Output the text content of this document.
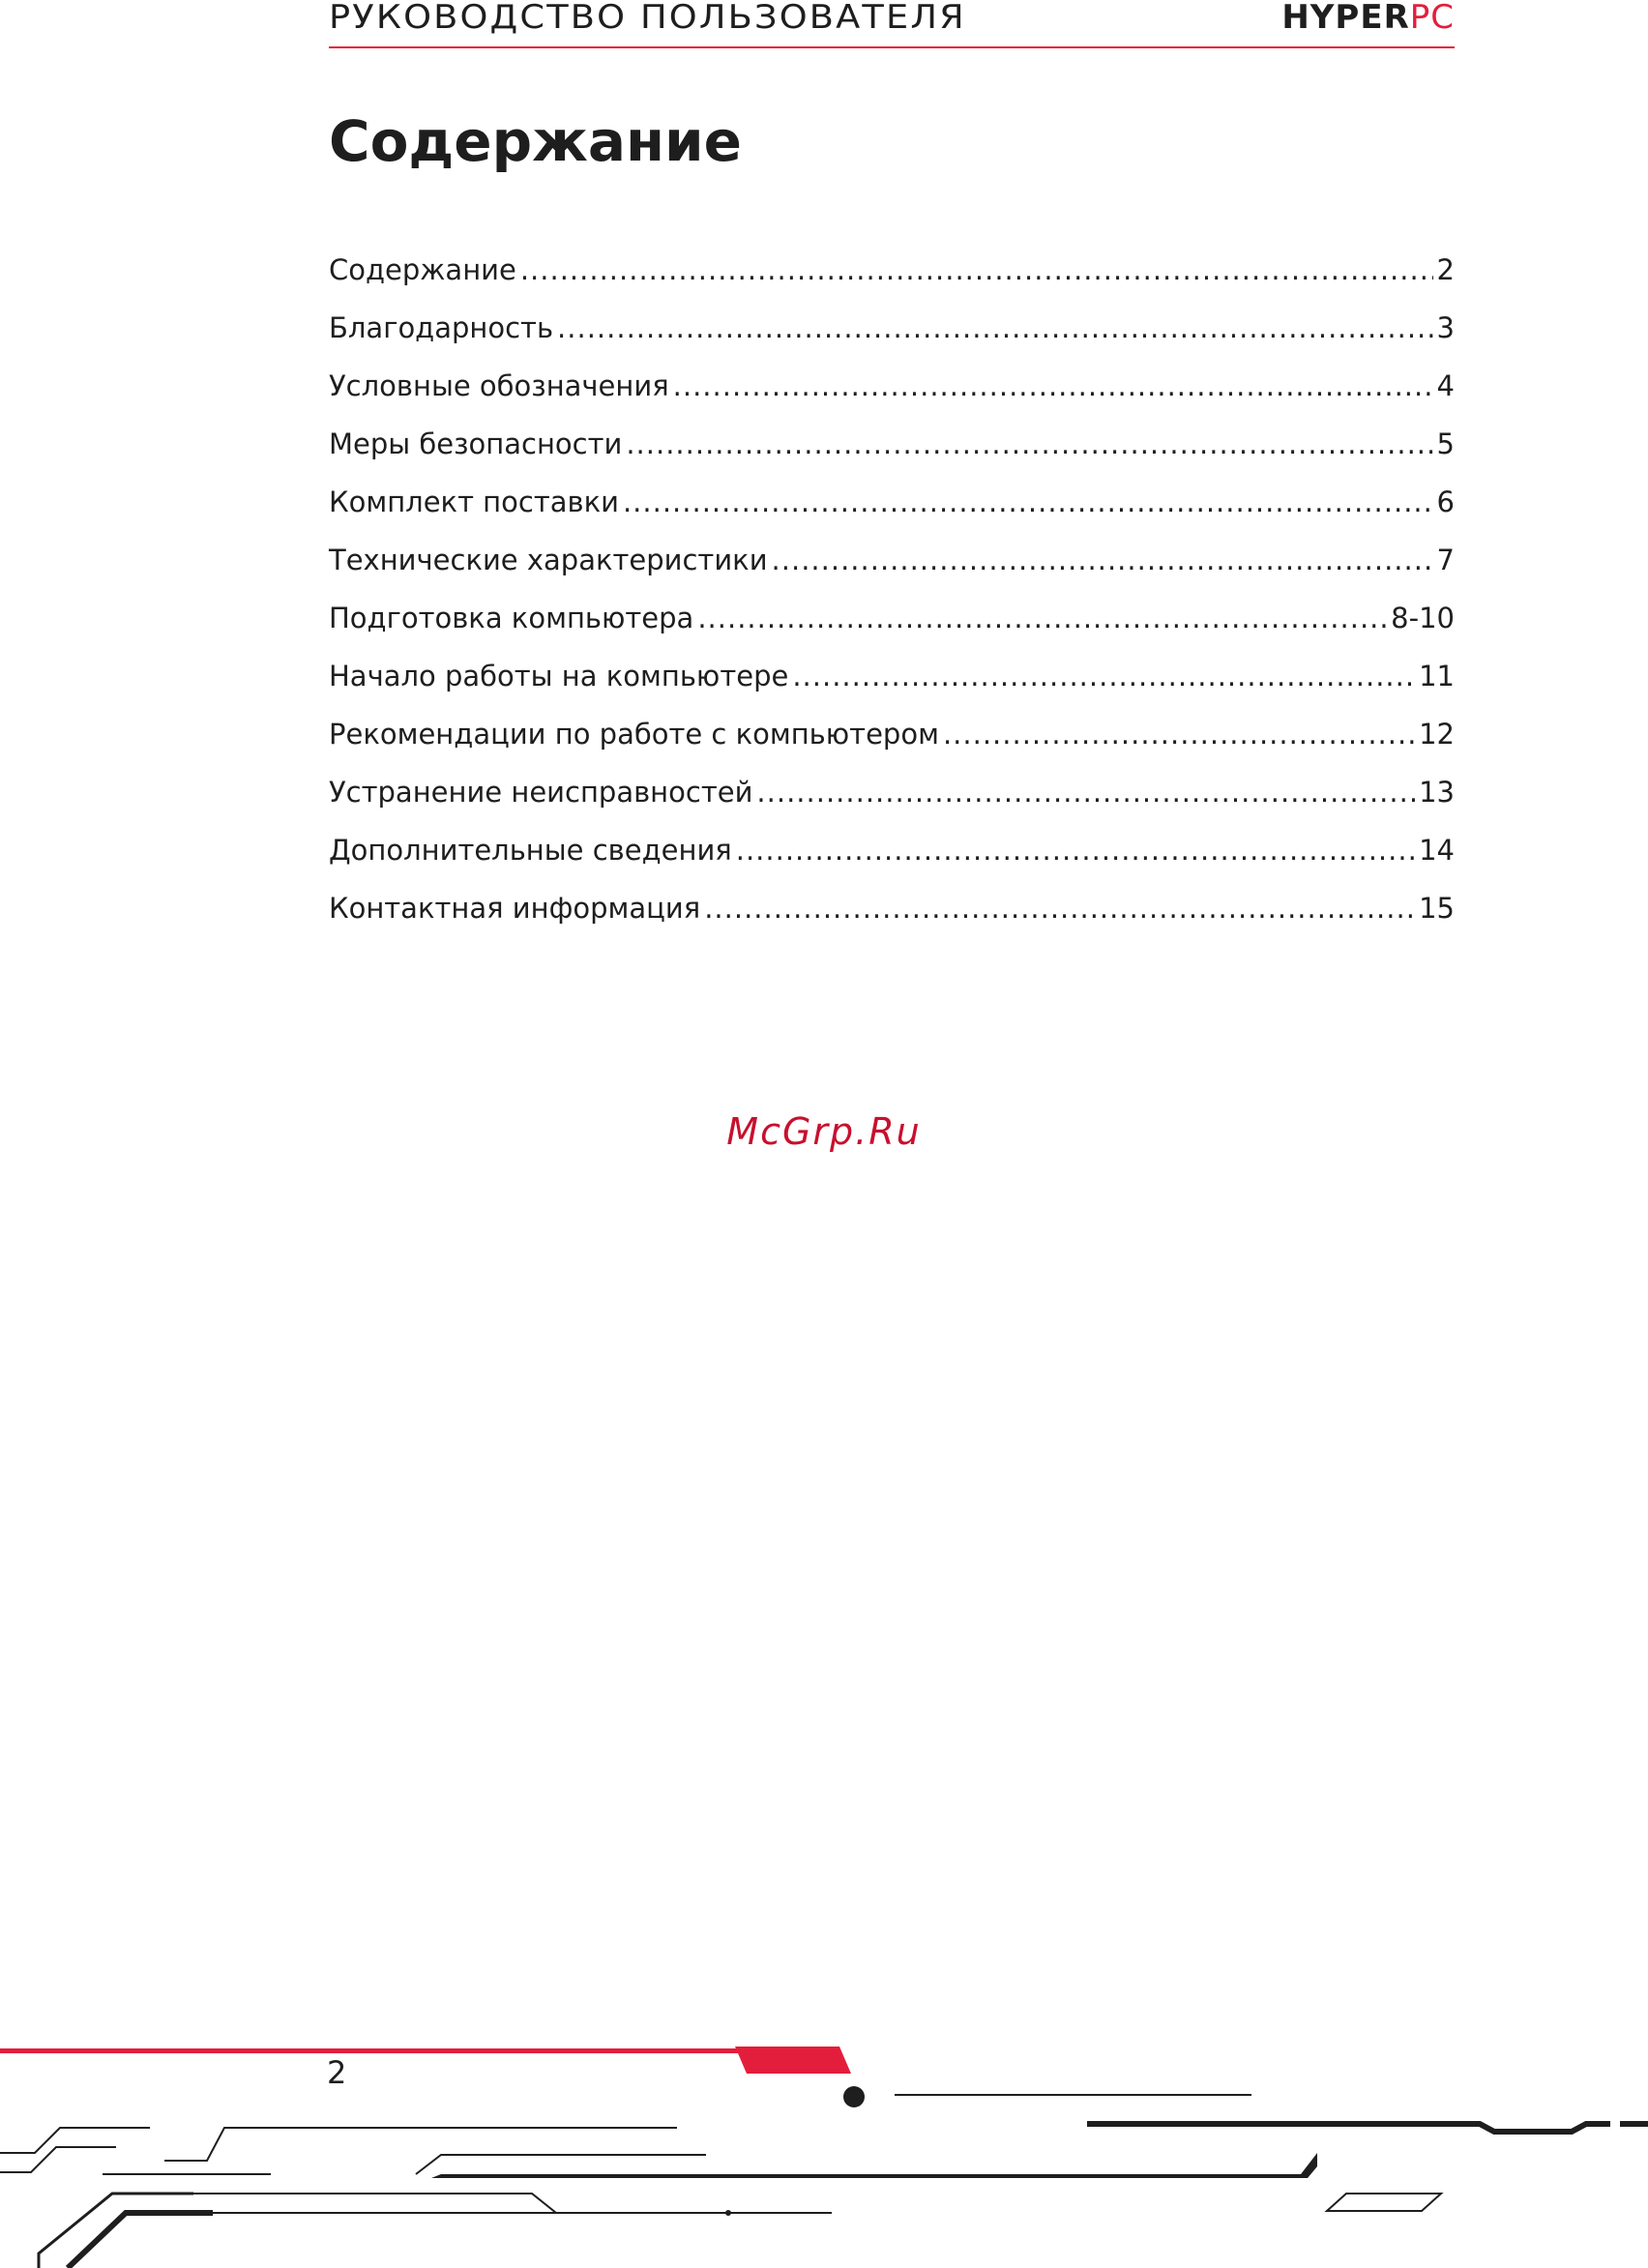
РУКОВОДСТВО ПОЛЬЗОВАТЕЛЯ	HYPERPC
Содержание
Содержание .....	2
Благодарность .....	3
Условные обозначения .....	4
Меры безопасности .....	5
Комплект поставки .....	6
Технические характеристики .....	7
Подготовка компьютера .....	8-10
Начало работы на компьютере .....	11
Рекомендации по работе с компьютером .....	12
Устранение неисправностей .....	13
Дополнительные сведения .....	14
Контактная информация .....	15
McGrp.Ru
2
